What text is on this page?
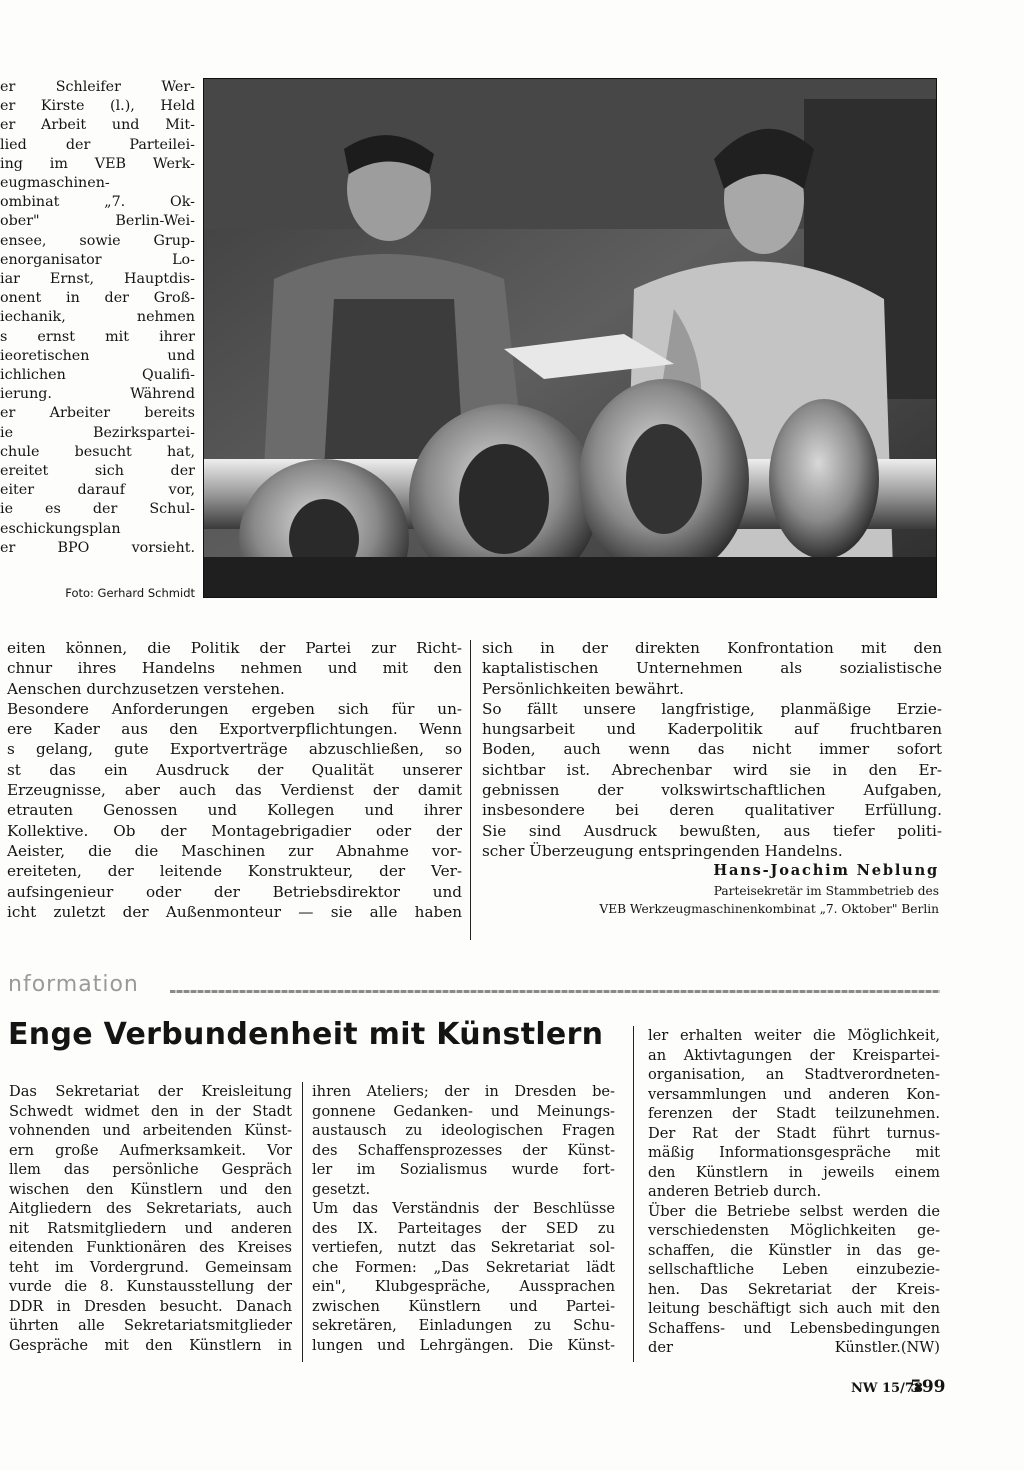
er Schleifer Wer-
er Kirste (l.), Held
er Arbeit und Mit-
lied der Parteilei-
ing im VEB Werk-
eugmaschinen-
ombinat „7. Ok-
ober" Berlin-Wei-
ensee, sowie Grup-
enorganisator Lo-
iar Ernst, Hauptdis-
onent in der Groß-
iechanik, nehmen
s ernst mit ihrer
ieoretischen und
ichlichen Qualifi-
ierung. Während
er Arbeiter bereits
ie Bezirksparteі-
chule besucht hat,
ereitet sich der
eiter darauf vor,
ie es der Schul-
eschickungsplan
er BPO vorsieht.
Foto: Gerhard Schmidt
eiten können, die Politik der Partei zur Richt-
chnur ihres Handelns nehmen und mit den
Aenschen durchzusetzen verstehen.
Besondere Anforderungen ergeben sich für un-
ere Kader aus den Exportverpflichtungen. Wenn
s gelang, gute Exportverträge abzuschließen, so
st das ein Ausdruck der Qualität unserer
Erzeugnisse, aber auch das Verdienst der damit
etrauten Genossen und Kollegen und ihrer
Kollektive. Ob der Montagebrigadier oder der
Aeister, die die Maschinen zur Abnahme vor-
ereiteten, der leitende Konstrukteur, der Ver-
aufsingenieur oder der Betriebsdirektor und
icht zuletzt der Außenmonteur — sie alle haben
sich in der direkten Konfrontation mit den
kaptalistischen Unternehmen als sozialistische
Persönlichkeiten bewährt.
So fällt unsere langfristige, planmäßige Erzie-
hungsarbeit und Kaderpolitik auf fruchtbaren
Boden, auch wenn das nicht immer sofort
sichtbar ist. Abrechenbar wird sie in den Er-
gebnissen der volkswirtschaftlichen Aufgaben,
insbesondere bei deren qualitativer Erfüllung.
Sie sind Ausdruck bewußten, aus tiefer politi-
scher Überzeugung entspringenden Handelns.
Hans-Joachim Neblung
Parteisekretär im Stammbetrieb des
VEB Werkzeugmaschinenkombinat „7. Oktober" Berlin
nformation
Enge Verbundenheit mit Künstlern
Das Sekretariat der Kreisleitung
Schwedt widmet den in der Stadt
vohnenden und arbeitenden Künst-
ern große Aufmerksamkeit. Vor
llem das persönliche Gespräch
wischen den Künstlern und den
Aitgliedern des Sekretariats, auch
nit Ratsmitgliedern und anderen
eitenden Funktionären des Kreises
teht im Vordergrund. Gemeinsam
vurde die 8. Kunstausstellung der
DDR in Dresden besucht. Danach
ührten alle Sekretariatsmitglieder
Gespräche mit den Künstlern in
ihren Ateliers; der in Dresden be-
gonnene Gedanken- und Meinungs-
austausch zu ideologischen Fragen
des Schaffensprozesses der Künst-
ler im Sozialismus wurde fort-
gesetzt.
Um das Verständnis der Beschlüsse
des IX. Parteitages der SED zu
vertiefen, nutzt das Sekretariat sol-
che Formen: „Das Sekretariat lädt
ein", Klubgespräche, Aussprachen
zwischen Künstlern und Partei-
sekretären, Einladungen zu Schu-
lungen und Lehrgängen. Die Künst-
ler erhalten weiter die Möglichkeit,
an Aktivtagungen der Kreispartei-
organisation, an Stadtverordneten-
versammlungen und anderen Kon-
ferenzen der Stadt teilzunehmen.
Der Rat der Stadt führt turnus-
mäßig Informationsgespräche mit
den Künstlern in jeweils einem
anderen Betrieb durch.
Über die Betriebe selbst werden die
verschiedensten Möglichkeiten ge-
schaffen, die Künstler in das ge-
sellschaftliche Leben einzubezie-
hen. Das Sekretariat der Kreis-
leitung beschäftigt sich auch mit den
Schaffens- und Lebensbedingungen
der Künstler. (NW)
NW 15/78
599
